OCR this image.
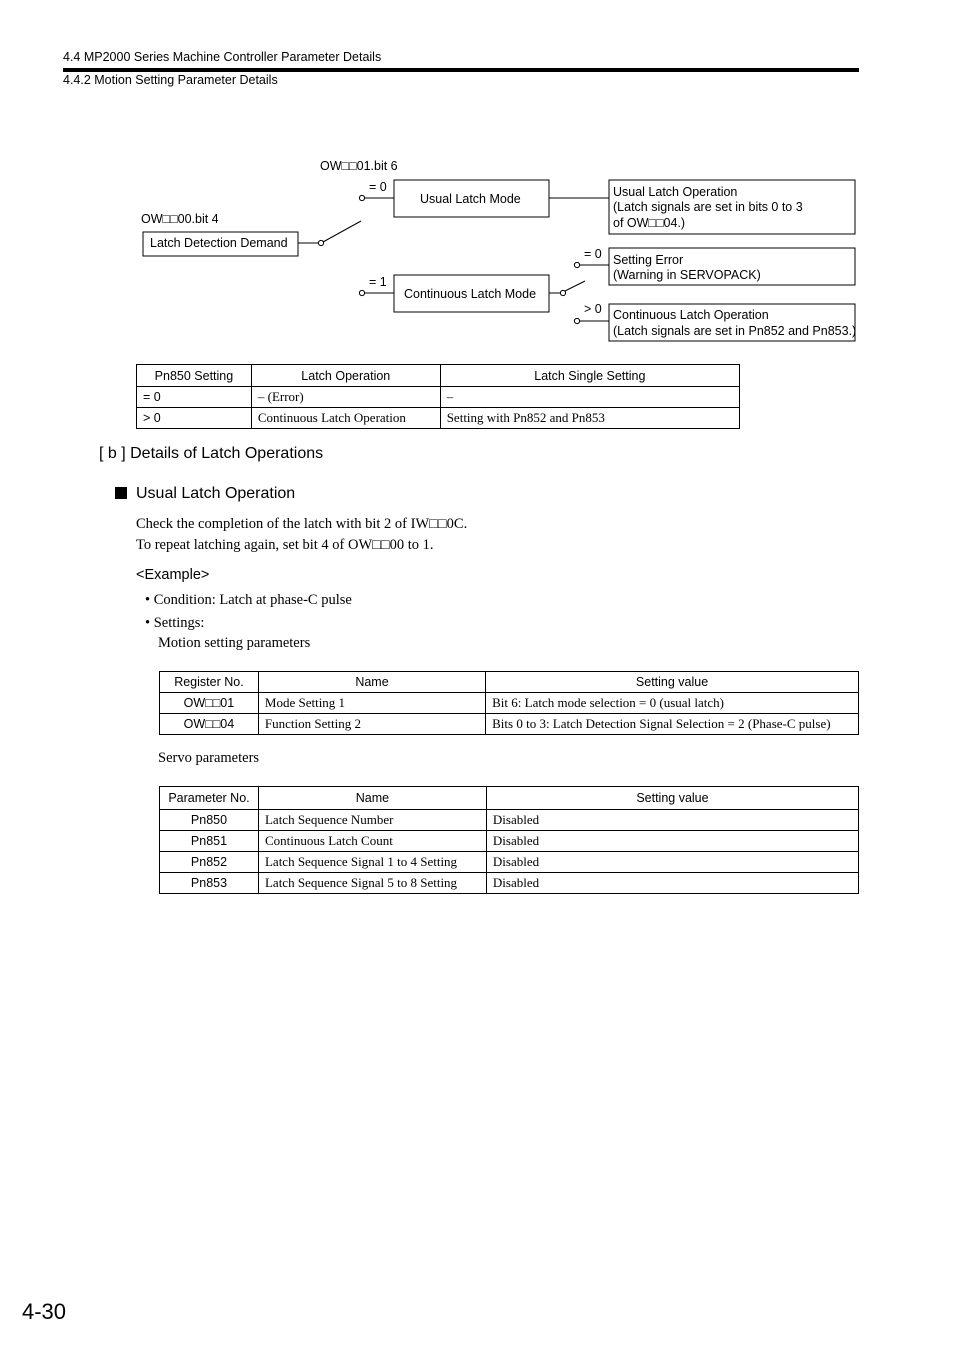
4.4 MP2000 Series Machine Controller Parameter Details
4.4.2 Motion Setting Parameter Details
OW□□01.bit 6
OW□□00.bit 4
Latch Detection Demand
= 0
Usual Latch Mode	Usual Latch Operation
(Latch signals are set in bits 0 to 3
of OW□□04.)
= 1
Continuous Latch Mode
= 0 Setting Error
(Warning in SERVOPACK)
> 0 Continuous Latch Operation
(Latch signals are set in Pn852 and Pn853.)
Pn850 Setting	Latch Operation	Latch Single Setting
= 0	– (Error)	–
> 0	Continuous Latch Operation	Setting with Pn852 and Pn853
[ b ] Details of Latch Operations
Usual Latch Operation
Check the completion of the latch with bit 2 of IW□□0C.
To repeat latching again, set bit 4 of OW□□00 to 1.
<Example>
• Condition: Latch at phase-C pulse
• Settings:
Motion setting parameters
Register No.	Name	Setting value
OW□□01	Mode Setting 1	Bit 6: Latch mode selection = 0 (usual latch)
OW□□04	Function Setting 2	Bits 0 to 3: Latch Detection Signal Selection = 2 (Phase-C pulse)
Servo parameters
Parameter No.	Name	Setting value
Pn850	Latch Sequence Number	Disabled
Pn851	Continuous Latch Count	Disabled
Pn852	Latch Sequence Signal 1 to 4 Setting	Disabled
Pn853	Latch Sequence Signal 5 to 8 Setting	Disabled
4-30
